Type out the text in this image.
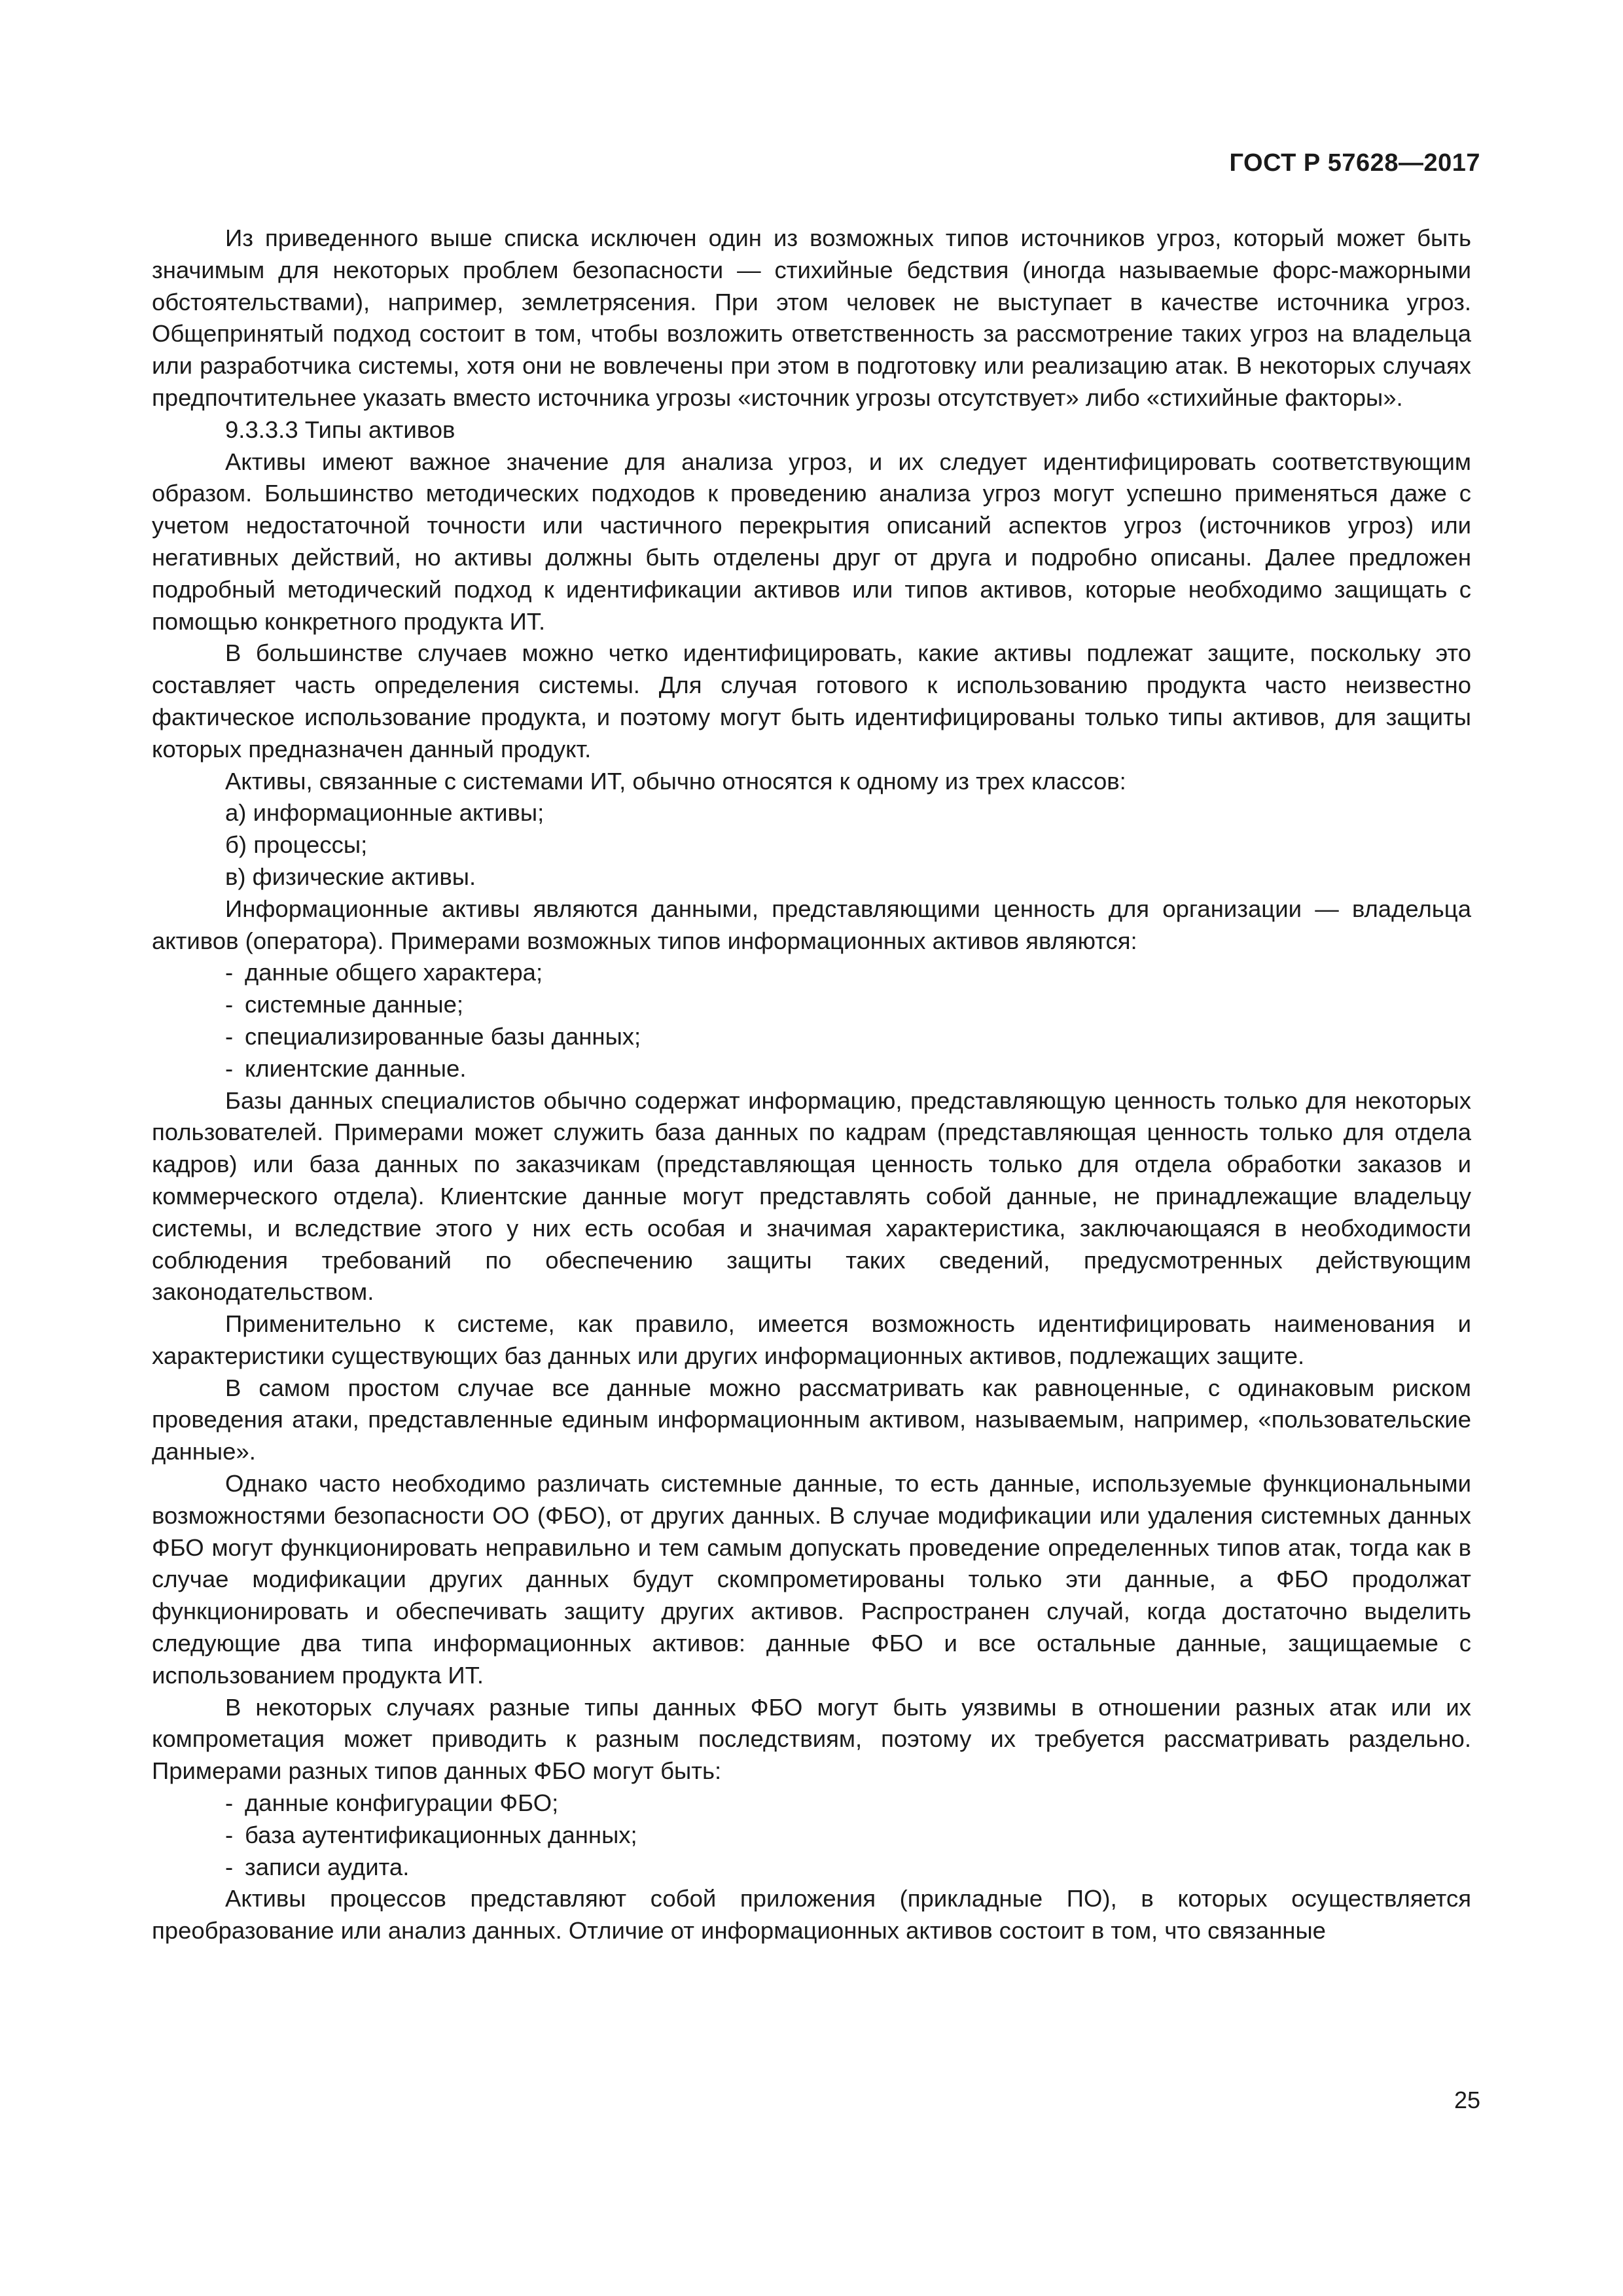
ГОСТ Р 57628—2017

Из приведенного выше списка исключен один из возможных типов источников угроз, который может быть значимым для некоторых проблем безопасности — стихийные бедствия (иногда называемые форс-мажорными обстоятельствами), например, землетрясения. При этом человек не выступает в качестве источника угроз. Общепринятый подход состоит в том, чтобы возложить ответственность за рассмотрение таких угроз на владельца или разработчика системы, хотя они не вовлечены при этом в подготовку или реализацию атак. В некоторых случаях предпочтительнее указать вместо источника угрозы «источник угрозы отсутствует» либо «стихийные факторы».

9.3.3.3 Типы активов

Активы имеют важное значение для анализа угроз, и их следует идентифицировать соответствующим образом. Большинство методических подходов к проведению анализа угроз могут успешно применяться даже с учетом недостаточной точности или частичного перекрытия описаний аспектов угроз (источников угроз) или негативных действий, но активы должны быть отделены друг от друга и подробно описаны. Далее предложен подробный методический подход к идентификации активов или типов активов, которые необходимо защищать с помощью конкретного продукта ИТ.

В большинстве случаев можно четко идентифицировать, какие активы подлежат защите, поскольку это составляет часть определения системы. Для случая готового к использованию продукта часто неизвестно фактическое использование продукта, и поэтому могут быть идентифицированы только типы активов, для защиты которых предназначен данный продукт.

Активы, связанные с системами ИТ, обычно относятся к одному из трех классов:

а) информационные активы;

б) процессы;

в) физические активы.

Информационные активы являются данными, представляющими ценность для организации — владельца активов (оператора). Примерами возможных типов информационных активов являются:

- данные общего характера;

- системные данные;

- специализированные базы данных;

- клиентские данные.

Базы данных специалистов обычно содержат информацию, представляющую ценность только для некоторых пользователей. Примерами может служить база данных по кадрам (представляющая ценность только для отдела кадров) или база данных по заказчикам (представляющая ценность только для отдела обработки заказов и коммерческого отдела). Клиентские данные могут представлять собой данные, не принадлежащие владельцу системы, и вследствие этого у них есть особая и значимая характеристика, заключающаяся в необходимости соблюдения требований по обеспечению защиты таких сведений, предусмотренных действующим законодательством.

Применительно к системе, как правило, имеется возможность идентифицировать наименования и характеристики существующих баз данных или других информационных активов, подлежащих защите.

В самом простом случае все данные можно рассматривать как равноценные, с одинаковым риском проведения атаки, представленные единым информационным активом, называемым, например, «пользовательские данные».

Однако часто необходимо различать системные данные, то есть данные, используемые функциональными возможностями безопасности ОО (ФБО), от других данных. В случае модификации или удаления системных данных ФБО могут функционировать неправильно и тем самым допускать проведение определенных типов атак, тогда как в случае модификации других данных будут скомпрометированы только эти данные, а ФБО продолжат функционировать и обеспечивать защиту других активов. Распространен случай, когда достаточно выделить следующие два типа информационных активов: данные ФБО и все остальные данные, защищаемые с использованием продукта ИТ.

В некоторых случаях разные типы данных ФБО могут быть уязвимы в отношении разных атак или их компрометация может приводить к разным последствиям, поэтому их требуется рассматривать раздельно. Примерами разных типов данных ФБО могут быть:

- данные конфигурации ФБО;

- база аутентификационных данных;

- записи аудита.

Активы процессов представляют собой приложения (прикладные ПО), в которых осуществляется преобразование или анализ данных. Отличие от информационных активов состоит в том, что связанные

25
